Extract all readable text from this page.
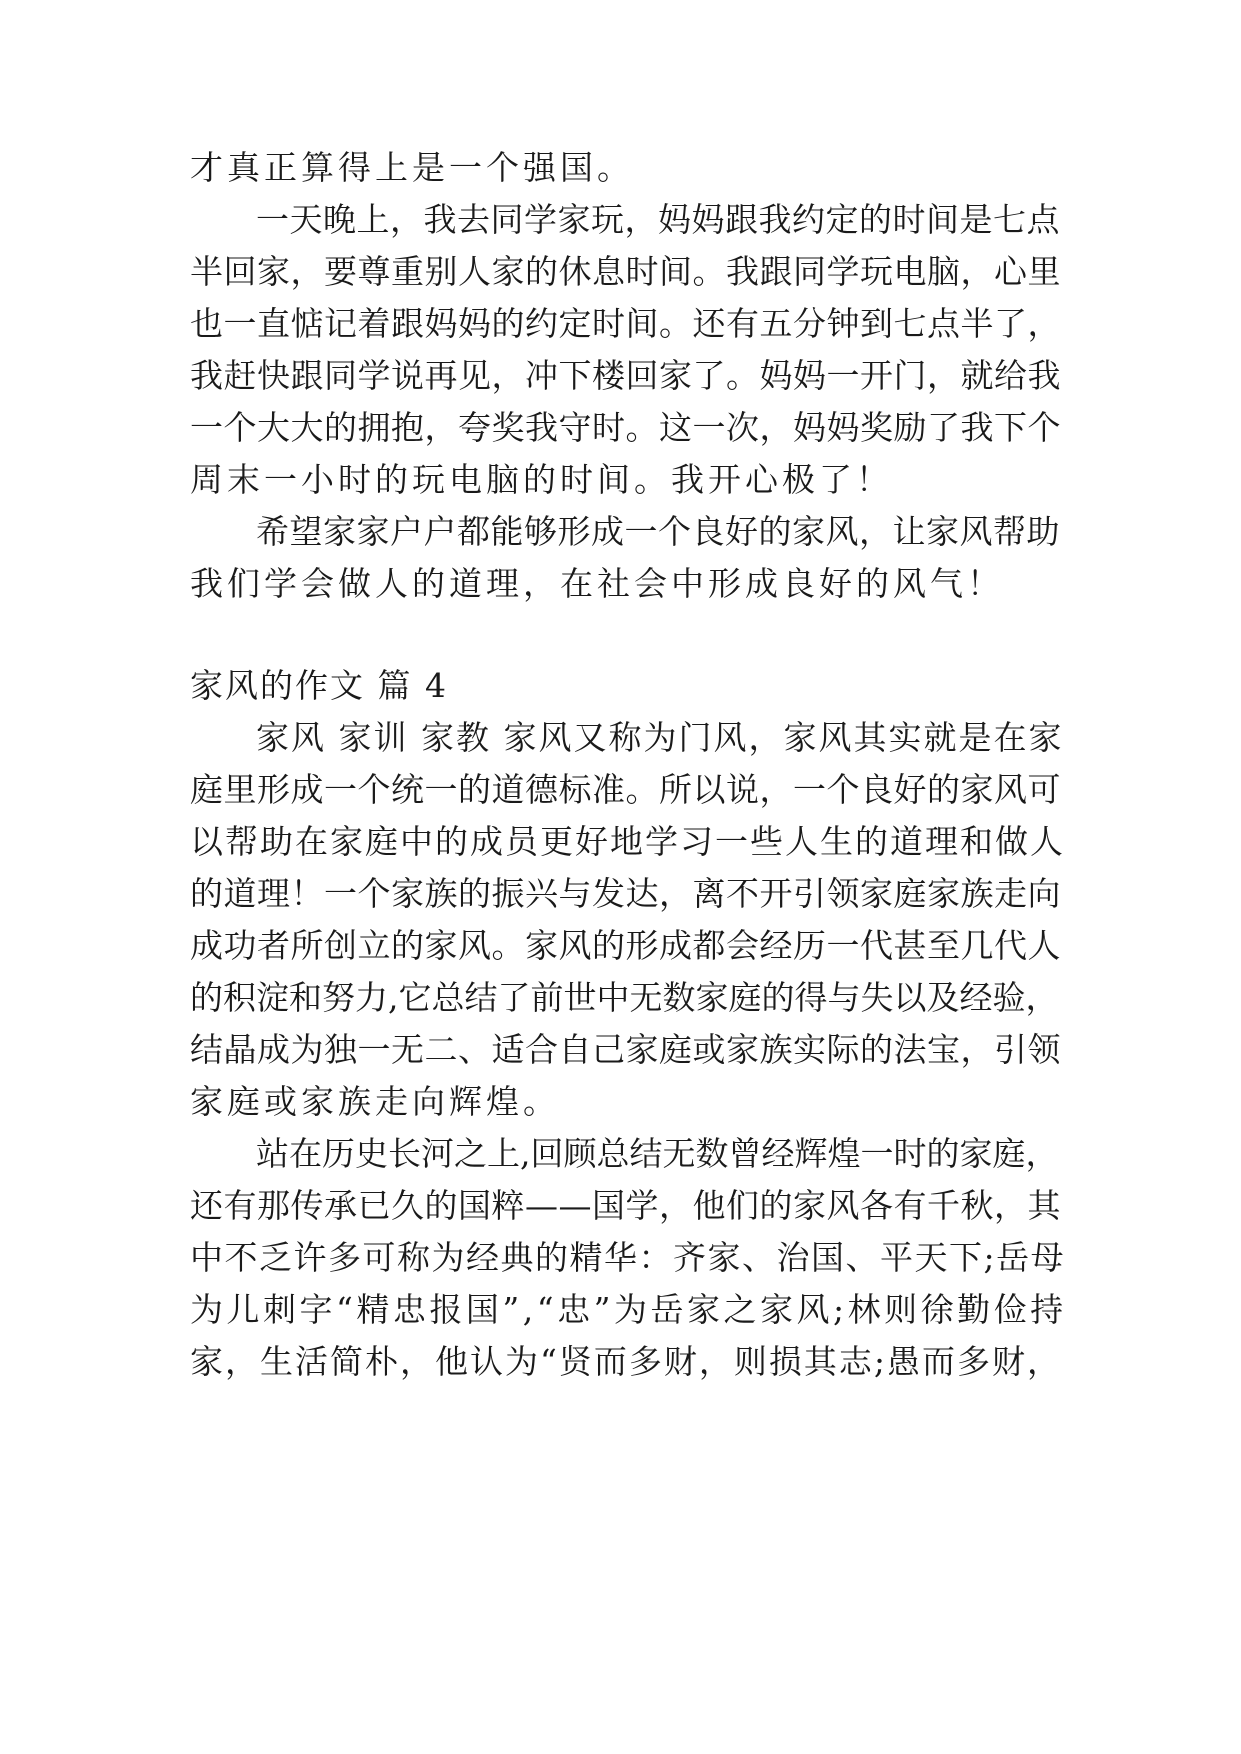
才真正算得上是一个强国。
一天晚上，我去同学家玩，妈妈跟我约定的时间是七点
半回家，要尊重别人家的休息时间。我跟同学玩电脑，心里
也一直惦记着跟妈妈的约定时间。还有五分钟到七点半了，
我赶快跟同学说再见，冲下楼回家了。妈妈一开门，就给我
一个大大的拥抱，夸奖我守时。这一次，妈妈奖励了我下个
周末一小时的玩电脑的时间。我开心极了！
希望家家户户都能够形成一个良好的家风，让家风帮助
我们学会做人的道理，在社会中形成良好的风气！
家风的作文 篇 4
家风 家训 家教 家风又称为门风，家风其实就是在家
庭里形成一个统一的道德标准。所以说，一个良好的家风可
以帮助在家庭中的成员更好地学习一些人生的道理和做人
的道理！一个家族的振兴与发达，离不开引领家庭家族走向
成功者所创立的家风。家风的形成都会经历一代甚至几代人
的积淀和努力,它总结了前世中无数家庭的得与失以及经验，
结晶成为独一无二、适合自己家庭或家族实际的法宝，引领
家庭或家族走向辉煌。
站在历史长河之上,回顾总结无数曾经辉煌一时的家庭，
还有那传承已久的国粹——国学，他们的家风各有千秋，其
中不乏许多可称为经典的精华：齐家、治国、平天下;岳母
为儿刺字“精忠报国”,“忠”为岳家之家风;林则徐勤俭持
家，生活简朴，他认为“贤而多财，则损其志;愚而多财，
